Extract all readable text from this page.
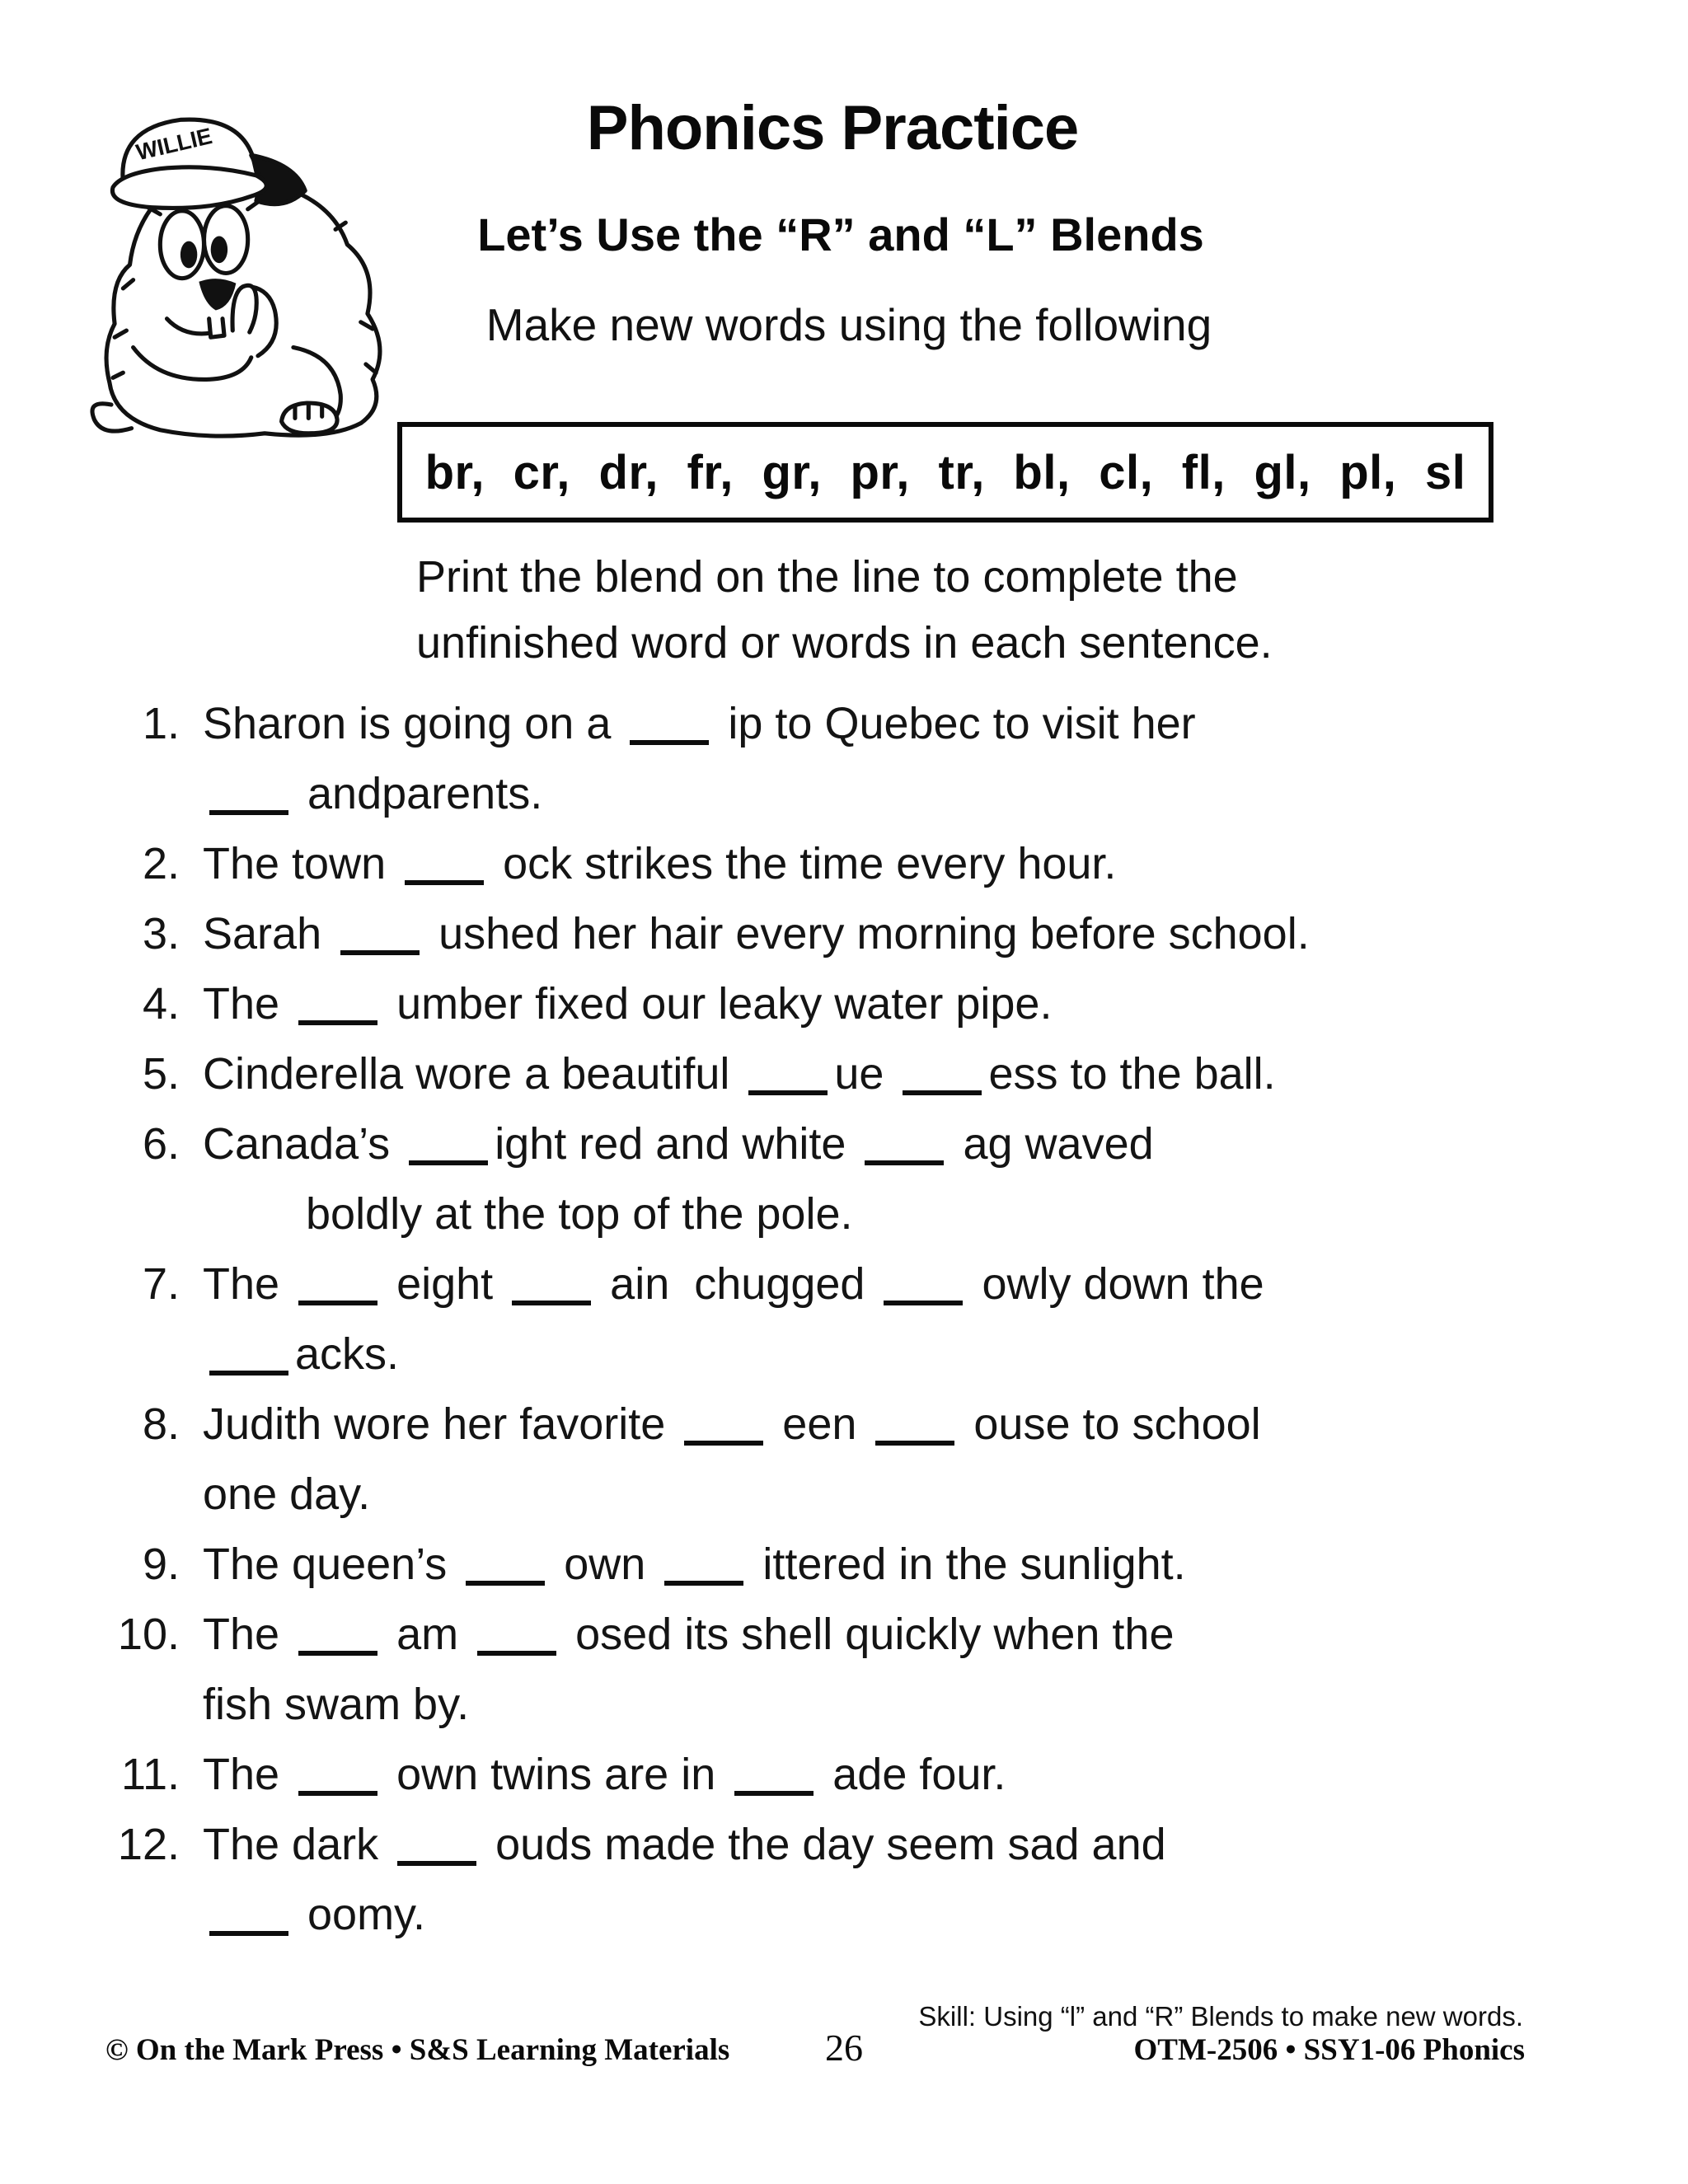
WILLIE	Phonics Practice
Let’s Use the “R” and “L” Blends

Make new words using the following

br, cr, dr, fr, gr, pr, tr, bl, cl, fl, gl, pl, sl

Print the blend on the line to complete the
unfinished word or words in each sentence.

1. Sharon is going on a  ip to Quebec to visit her
andparents.
2. The town  ock strikes the time every hour.
3. Sarah  ushed her hair every morning before school.
4. The  umber fixed our leaky water pipe.
5. Cinderella wore a beautiful ue ess to the ball.
6. Canada’s ight red and white  ag waved
boldly at the top of the pole.
7. The  eight  ain  chugged  owly down the
acks.
8. Judith wore her favorite  een  ouse to school
one day.
9. The queen’s  own  ittered in the sunlight.
10. The  am  osed its shell quickly when the
fish swam by.
11. The  own twins are in  ade four.
12. The dark  ouds made the day seem sad and
oomy.
Skill: Using “l” and “R” Blends to make new words.
© On the Mark Press • S&S Learning Materials	26	OTM-2506 • SSY1-06 Phonics
